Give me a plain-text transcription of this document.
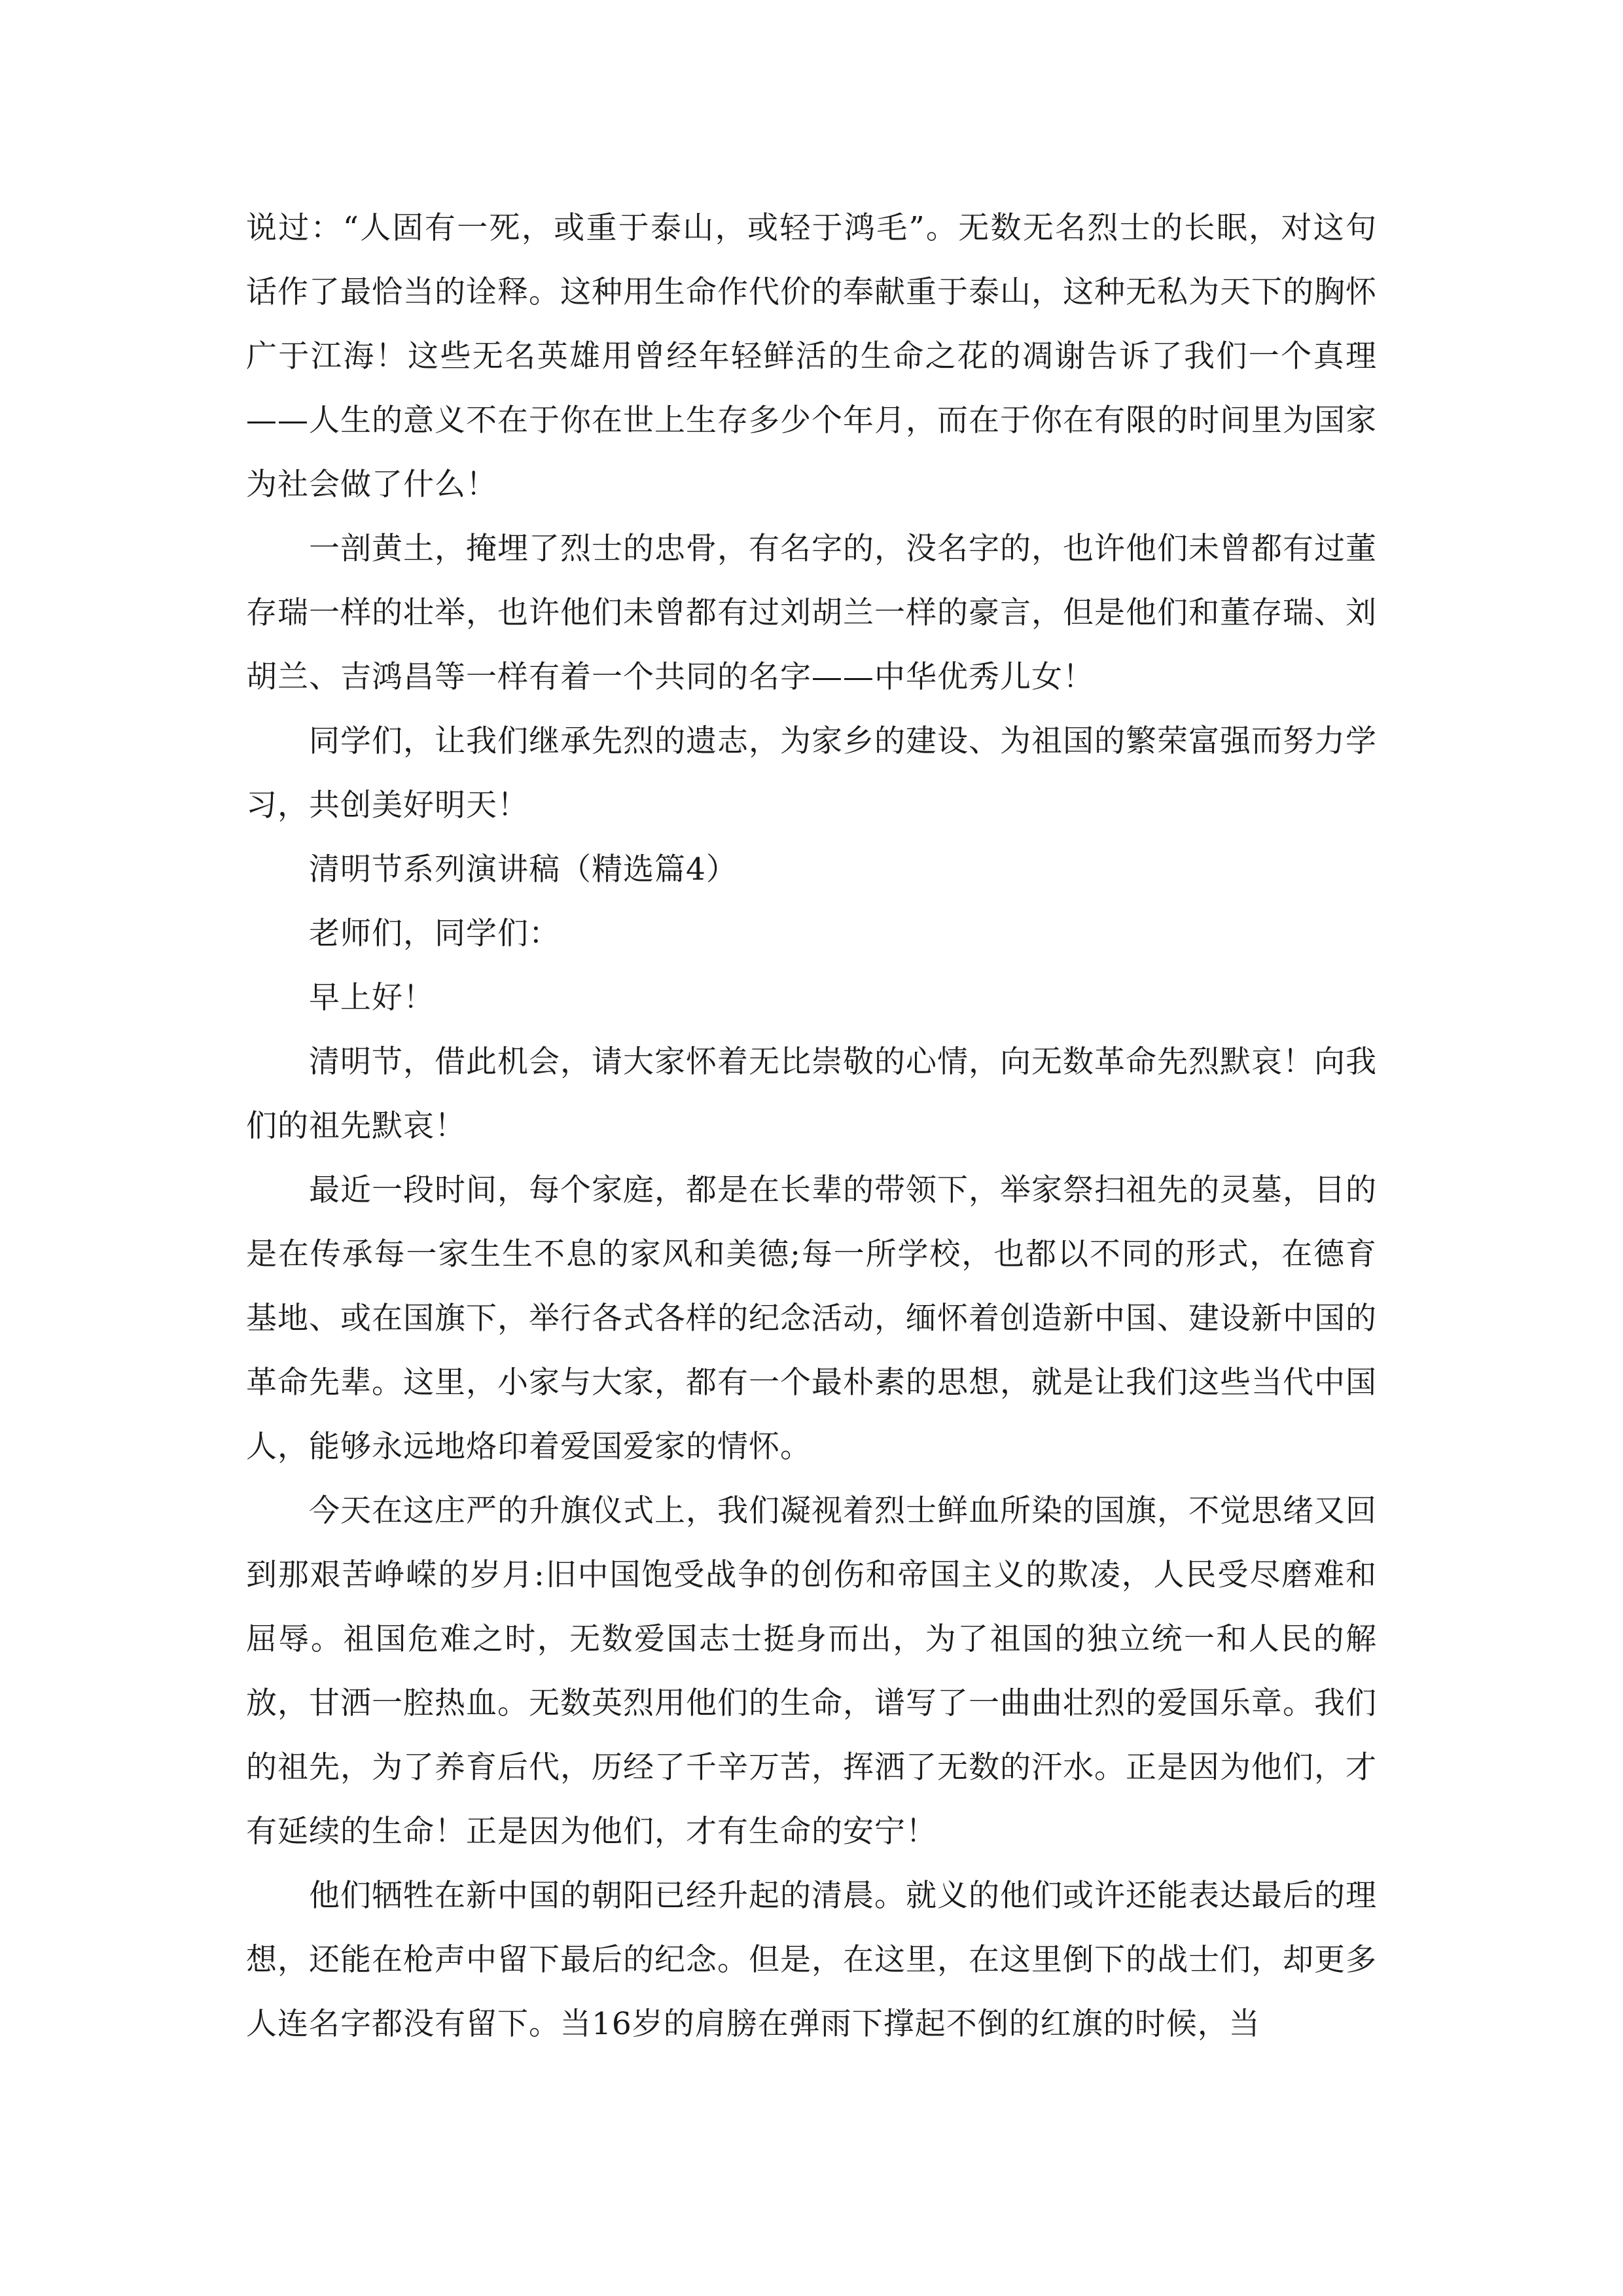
说过：“人固有一死，或重于泰山，或轻于鸿毛”。无数无名烈士的长眠，对这句话作了最恰当的诠释。这种用生命作代价的奉献重于泰山，这种无私为天下的胸怀广于江海！这些无名英雄用曾经年轻鲜活的生命之花的凋谢告诉了我们一个真理——人生的意义不在于你在世上生存多少个年月，而在于你在有限的时间里为国家为社会做了什么！

一剖黄土，掩埋了烈士的忠骨，有名字的，没名字的，也许他们未曾都有过董存瑞一样的壮举，也许他们未曾都有过刘胡兰一样的豪言，但是他们和董存瑞、刘胡兰、吉鸿昌等一样有着一个共同的名字——中华优秀儿女！

同学们，让我们继承先烈的遗志，为家乡的建设、为祖国的繁荣富强而努力学习，共创美好明天！

清明节系列演讲稿（精选篇4）

老师们，同学们：

早上好！

清明节，借此机会，请大家怀着无比崇敬的心情，向无数革命先烈默哀！向我们的祖先默哀！

最近一段时间，每个家庭，都是在长辈的带领下，举家祭扫祖先的灵墓，目的是在传承每一家生生不息的家风和美德;每一所学校，也都以不同的形式，在德育基地、或在国旗下，举行各式各样的纪念活动，缅怀着创造新中国、建设新中国的革命先辈。这里，小家与大家，都有一个最朴素的思想，就是让我们这些当代中国人，能够永远地烙印着爱国爱家的情怀。

今天在这庄严的升旗仪式上，我们凝视着烈士鲜血所染的国旗，不觉思绪又回到那艰苦峥嵘的岁月:旧中国饱受战争的创伤和帝国主义的欺凌，人民受尽磨难和屈辱。祖国危难之时，无数爱国志士挺身而出，为了祖国的独立统一和人民的解放，甘洒一腔热血。无数英烈用他们的生命，谱写了一曲曲壮烈的爱国乐章。我们的祖先，为了养育后代，历经了千辛万苦，挥洒了无数的汗水。正是因为他们，才有延续的生命！正是因为他们，才有生命的安宁！

他们牺牲在新中国的朝阳已经升起的清晨。就义的他们或许还能表达最后的理想，还能在枪声中留下最后的纪念。但是，在这里，在这里倒下的战士们，却更多人连名字都没有留下。当16岁的肩膀在弹雨下撑起不倒的红旗的时候，当
